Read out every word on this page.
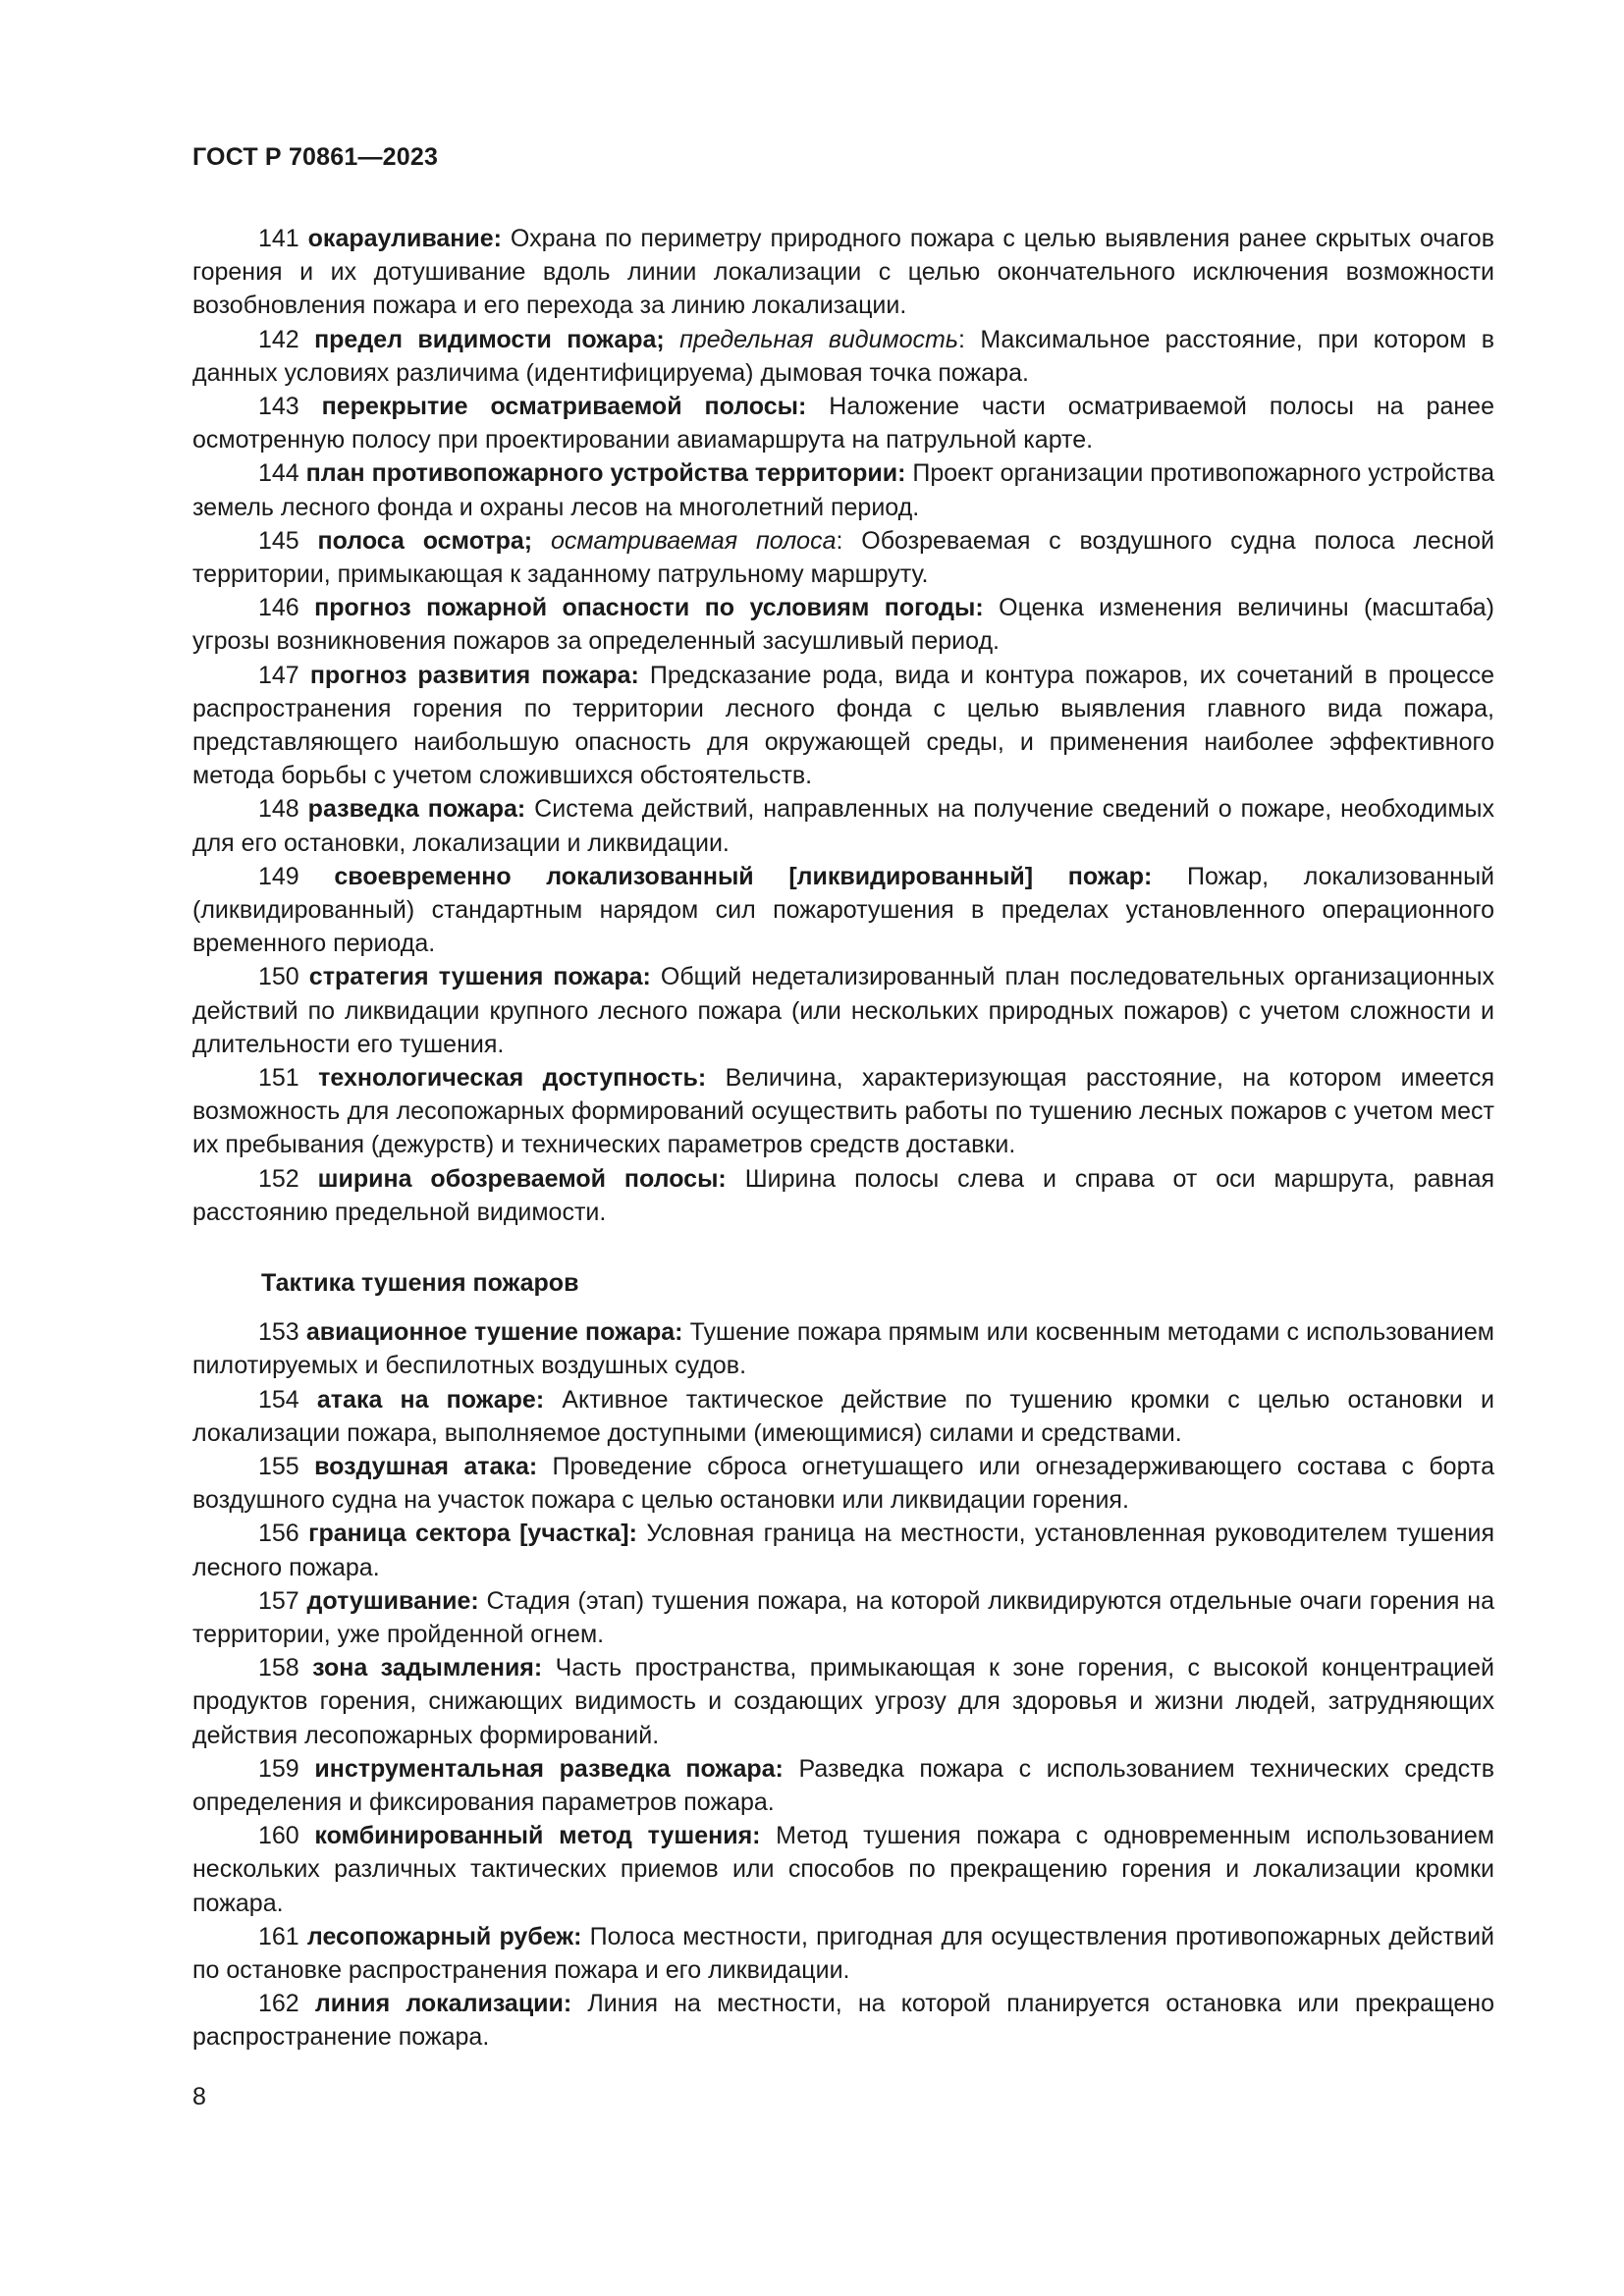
ГОСТ Р 70861—2023

141 окарауливание: Охрана по периметру природного пожара с целью выявления ранее скрытых очагов горения и их дотушивание вдоль линии локализации с целью окончательного исключения возможности возобновления пожара и его перехода за линию локализации.

142 предел видимости пожара; предельная видимость: Максимальное расстояние, при котором в данных условиях различима (идентифицируема) дымовая точка пожара.

143 перекрытие осматриваемой полосы: Наложение части осматриваемой полосы на ранее осмотренную полосу при проектировании авиамаршрута на патрульной карте.

144 план противопожарного устройства территории: Проект организации противопожарного устройства земель лесного фонда и охраны лесов на многолетний период.

145 полоса осмотра; осматриваемая полоса: Обозреваемая с воздушного судна полоса лесной территории, примыкающая к заданному патрульному маршруту.

146 прогноз пожарной опасности по условиям погоды: Оценка изменения величины (масштаба) угрозы возникновения пожаров за определенный засушливый период.

147 прогноз развития пожара: Предсказание рода, вида и контура пожаров, их сочетаний в процессе распространения горения по территории лесного фонда с целью выявления главного вида пожара, представляющего наибольшую опасность для окружающей среды, и применения наиболее эффективного метода борьбы с учетом сложившихся обстоятельств.

148 разведка пожара: Система действий, направленных на получение сведений о пожаре, необходимых для его остановки, локализации и ликвидации.

149 своевременно локализованный [ликвидированный] пожар: Пожар, локализованный (ликвидированный) стандартным нарядом сил пожаротушения в пределах установленного операционного временного периода.

150 стратегия тушения пожара: Общий недетализированный план последовательных организационных действий по ликвидации крупного лесного пожара (или нескольких природных пожаров) с учетом сложности и длительности его тушения.

151 технологическая доступность: Величина, характеризующая расстояние, на котором имеется возможность для лесопожарных формирований осуществить работы по тушению лесных пожаров с учетом мест их пребывания (дежурств) и технических параметров средств доставки.

152 ширина обозреваемой полосы: Ширина полосы слева и справа от оси маршрута, равная расстоянию предельной видимости.

Тактика тушения пожаров

153 авиационное тушение пожара: Тушение пожара прямым или косвенным методами с использованием пилотируемых и беспилотных воздушных судов.

154 атака на пожаре: Активное тактическое действие по тушению кромки с целью остановки и локализации пожара, выполняемое доступными (имеющимися) силами и средствами.

155 воздушная атака: Проведение сброса огнетушащего или огнезадерживающего состава с борта воздушного судна на участок пожара с целью остановки или ликвидации горения.

156 граница сектора [участка]: Условная граница на местности, установленная руководителем тушения лесного пожара.

157 дотушивание: Стадия (этап) тушения пожара, на которой ликвидируются отдельные очаги горения на территории, уже пройденной огнем.

158 зона задымления: Часть пространства, примыкающая к зоне горения, с высокой концентрацией продуктов горения, снижающих видимость и создающих угрозу для здоровья и жизни людей, затрудняющих действия лесопожарных формирований.

159 инструментальная разведка пожара: Разведка пожара с использованием технических средств определения и фиксирования параметров пожара.

160 комбинированный метод тушения: Метод тушения пожара с одновременным использованием нескольких различных тактических приемов или способов по прекращению горения и локализации кромки пожара.

161 лесопожарный рубеж: Полоса местности, пригодная для осуществления противопожарных действий по остановке распространения пожара и его ликвидации.

162 линия локализации: Линия на местности, на которой планируется остановка или прекращено распространение пожара.

8
